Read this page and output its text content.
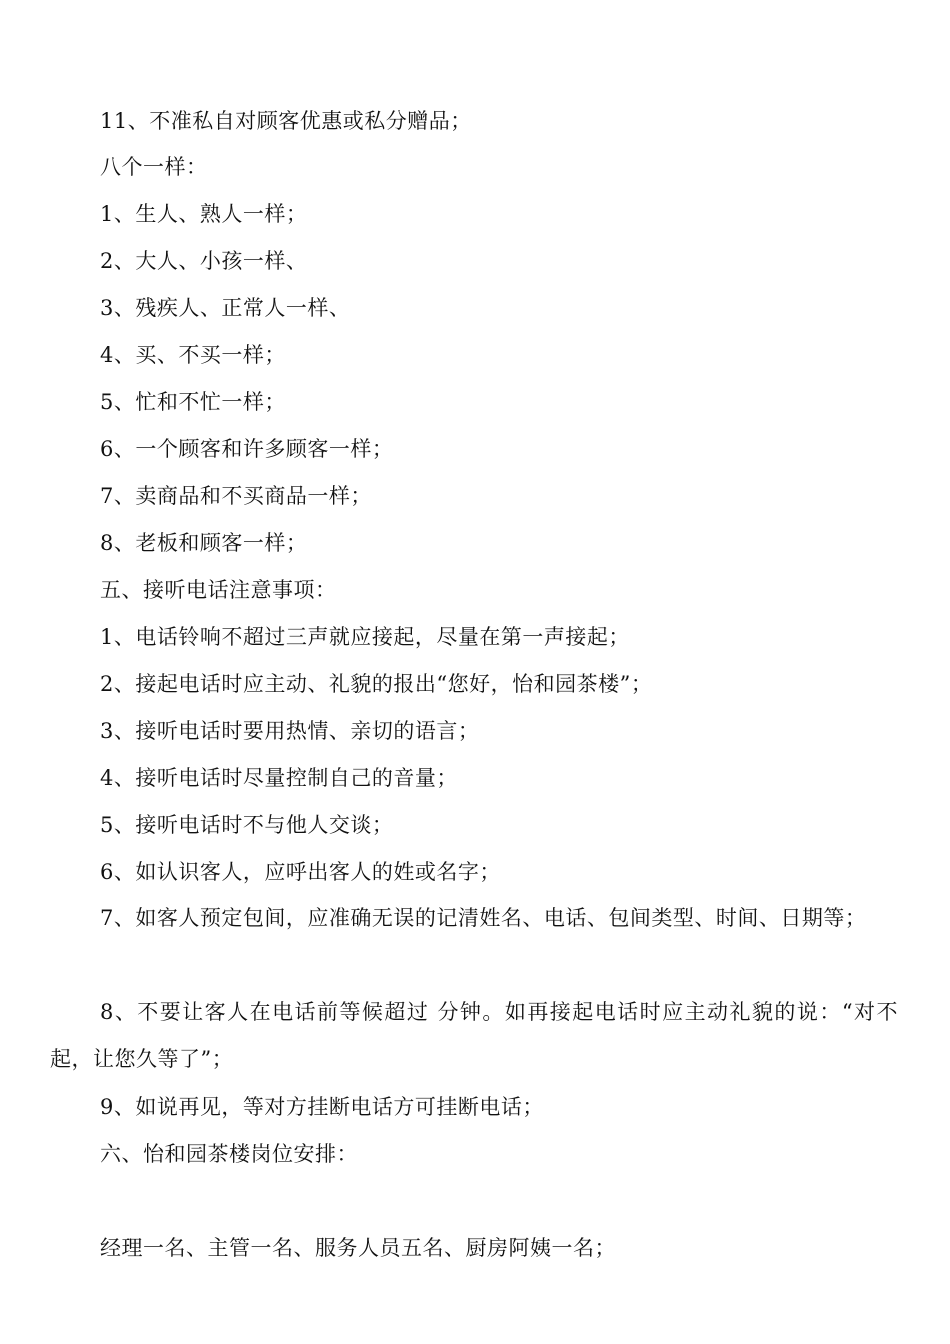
11、不准私自对顾客优惠或私分赠品；
八个一样：
1、生人、熟人一样；
2、大人、小孩一样、
3、残疾人、正常人一样、
4、买、不买一样；
5、忙和不忙一样；
6、一个顾客和许多顾客一样；
7、卖商品和不买商品一样；
8、老板和顾客一样；
五、接听电话注意事项：
1、电话铃响不超过三声就应接起，尽量在第一声接起；
2、接起电话时应主动、礼貌的报出“您好，怡和园茶楼”；
3、接听电话时要用热情、亲切的语言；
4、接听电话时尽量控制自己的音量；
5、接听电话时不与他人交谈；
6、如认识客人，应呼出客人的姓或名字；
7、如客人预定包间，应准确无误的记清姓名、电话、包间类型、时间、日期等；
8、不要让客人在电话前等候超过 分钟。如再接起电话时应主动礼貌的说：“对不起，让您久等了”；
9、如说再见，等对方挂断电话方可挂断电话；
六、怡和园茶楼岗位安排：
经理一名、主管一名、服务人员五名、厨房阿姨一名；
